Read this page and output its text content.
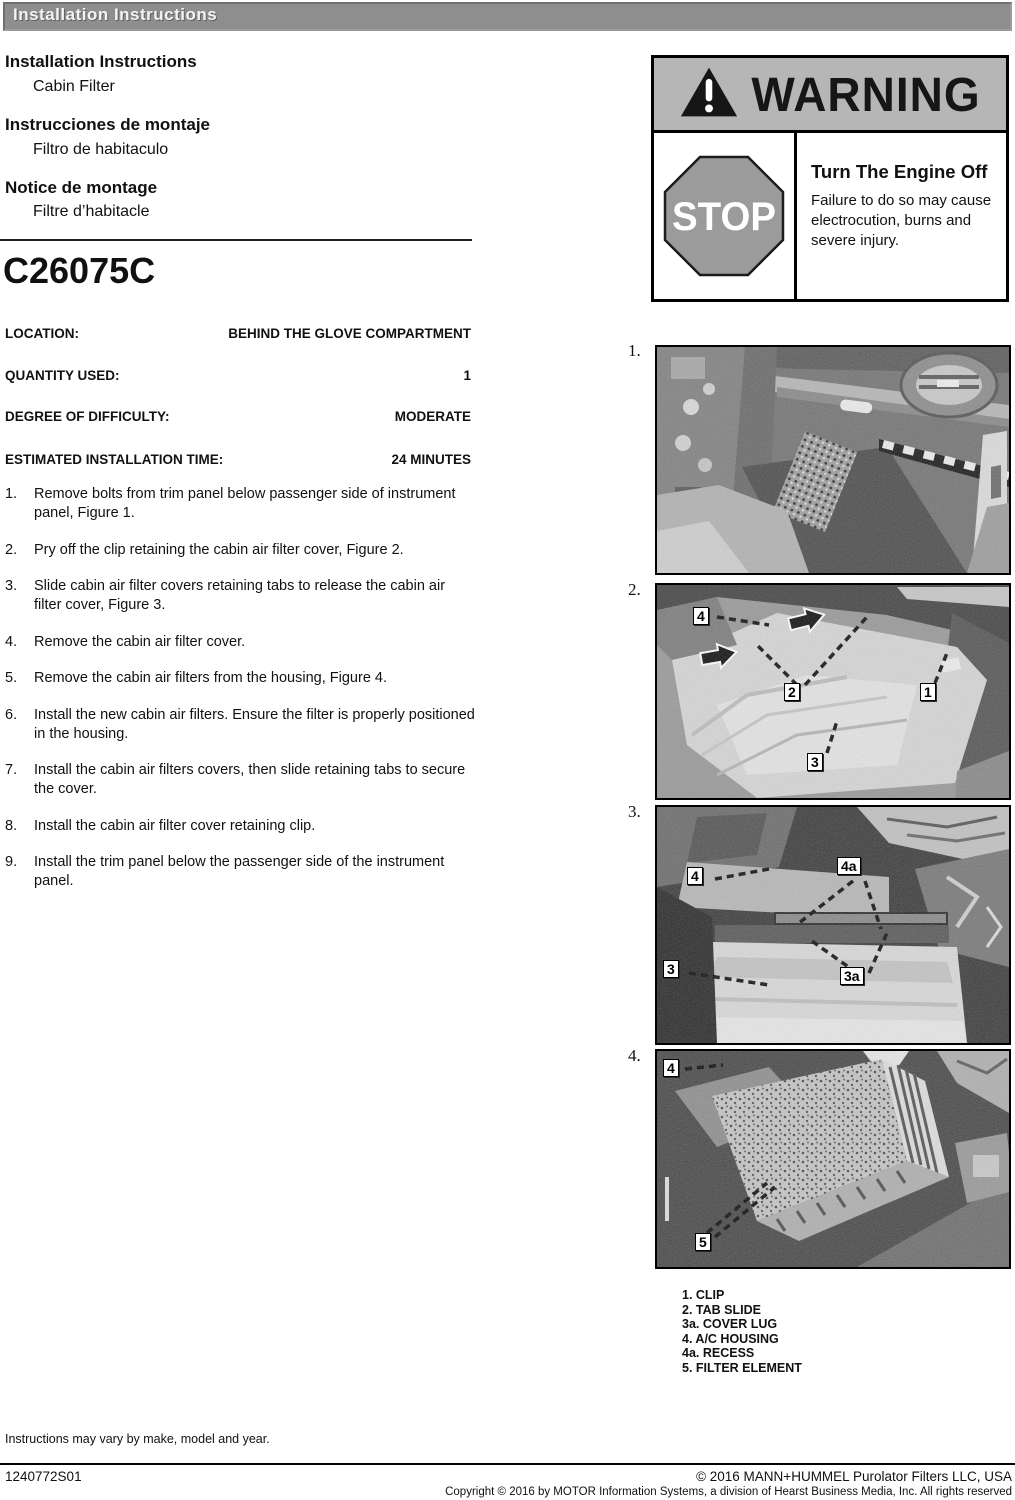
Installation Instructions
Installation Instructions
Cabin Filter
Instrucciones de montaje
Filtro de habitaculo
Notice de montage
Filtre d’habitacle
C26075C
LOCATION:	BEHIND THE GLOVE COMPARTMENT
QUANTITY USED:	1
DEGREE OF DIFFICULTY:	MODERATE
ESTIMATED INSTALLATION TIME:	24 MINUTES
1.	Remove bolts from trim panel below passenger side of instrument panel, Figure 1.
2.	Pry off the clip retaining the cabin air filter cover, Figure 2.
3.	Slide cabin air filter covers retaining tabs to release the cabin air filter cover, Figure 3.
4.	Remove the cabin air filter cover.
5.	Remove the cabin air filters from the housing, Figure 4.
6.	Install the new cabin air filters. Ensure the filter is properly positioned in the housing.
7.	Install the cabin air filters covers, then slide retaining tabs to secure the cover.
8.	Install the cabin air filter cover retaining clip.
9.	Install the trim panel below the passenger side of the instrument panel.
WARNING
STOP
Turn The Engine Off
Failure to do so may cause electrocution, burns and severe injury.
1.
2.
4
2	1
3
3.
4
4a
3	3a
4.
4
5
1. CLIP
2. TAB SLIDE
3a. COVER LUG
4. A/C HOUSING
4a. RECESS
5. FILTER ELEMENT
Instructions may vary by make, model and year.
1240772S01	© 2016 MANN+HUMMEL Purolator Filters LLC, USA
Copyright © 2016 by MOTOR Information Systems, a division of Hearst Business Media, Inc. All rights reserved
